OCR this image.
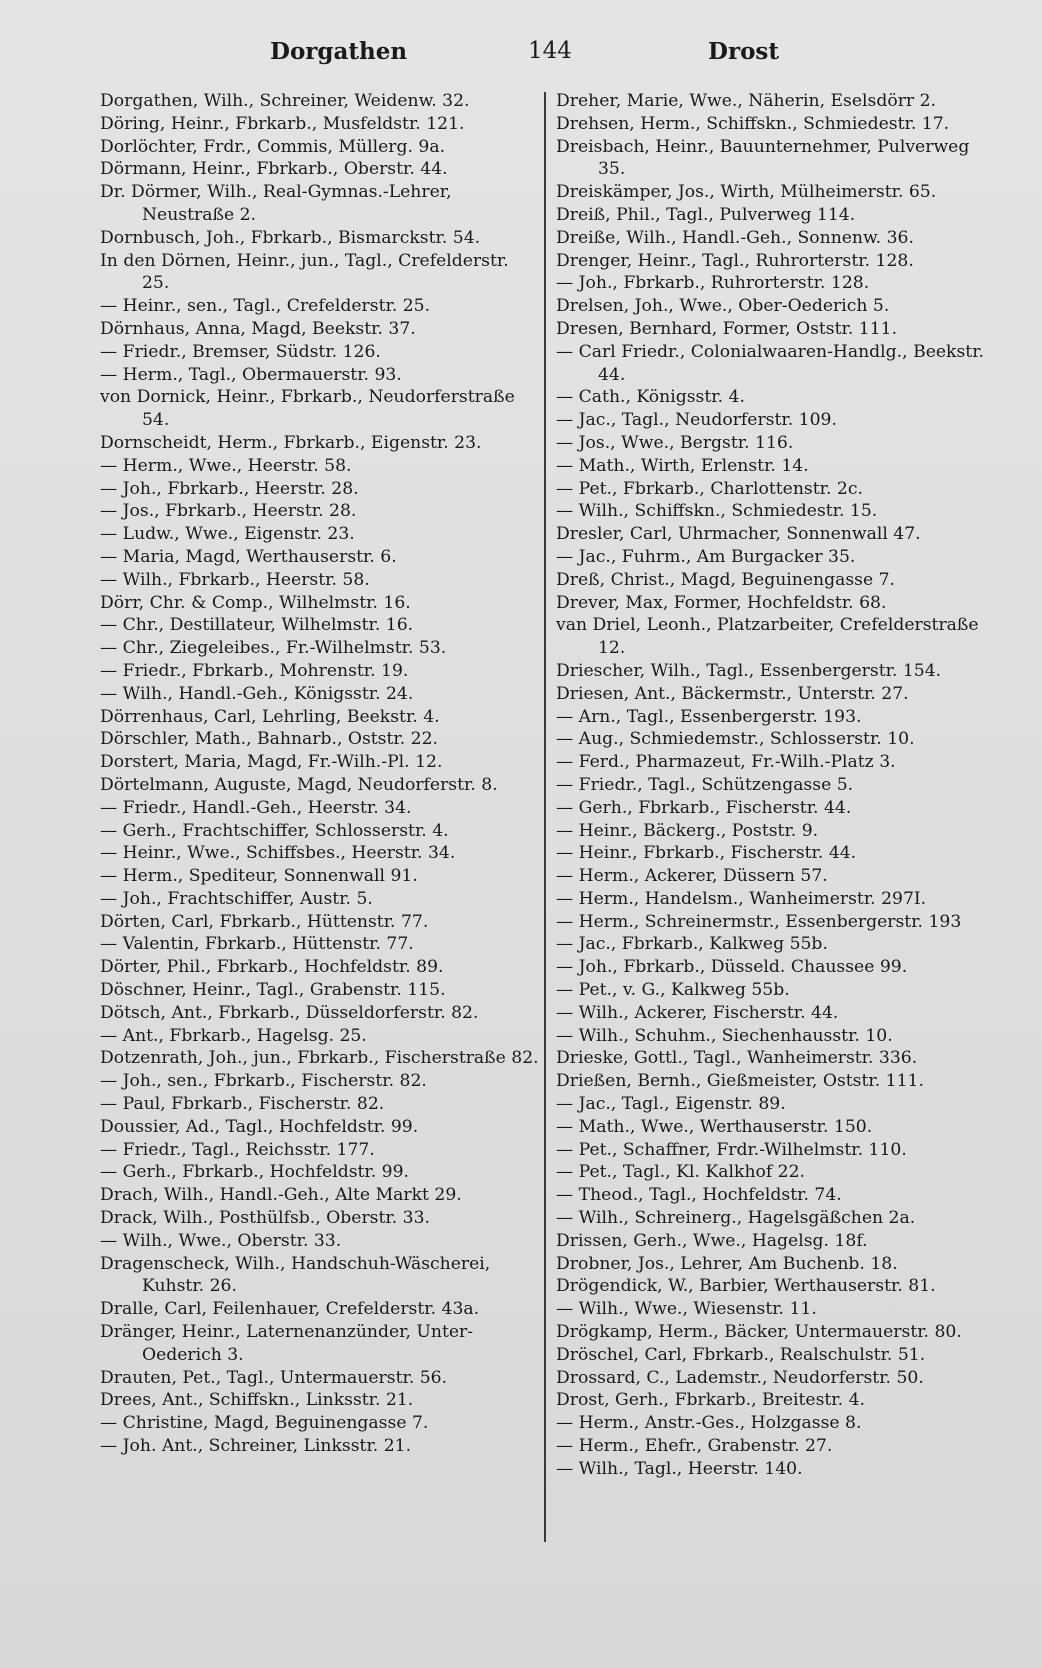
Dorgathen	144	Drost
Dorgathen, Wilh., Schreiner, Weidenw. 32.
Döring, Heinr., Fbrkarb., Musfeldstr. 121.
Dorlöchter, Frdr., Commis, Müllerg. 9a.
Dörmann, Heinr., Fbrkarb., Oberstr. 44.
Dr. Dörmer, Wilh., Real-Gymnas.-Lehrer, Neustraße 2.
Dornbusch, Joh., Fbrkarb., Bismarckstr. 54.
In den Dörnen, Heinr., jun., Tagl., Crefelderstr. 25.
— Heinr., sen., Tagl., Crefelderstr. 25.
Dörnhaus, Anna, Magd, Beekstr. 37.
— Friedr., Bremser, Südstr. 126.
— Herm., Tagl., Obermauerstr. 93.
von Dornick, Heinr., Fbrkarb., Neudorferstraße 54.
Dornscheidt, Herm., Fbrkarb., Eigenstr. 23.
— Herm., Wwe., Heerstr. 58.
— Joh., Fbrkarb., Heerstr. 28.
— Jos., Fbrkarb., Heerstr. 28.
— Ludw., Wwe., Eigenstr. 23.
— Maria, Magd, Werthauserstr. 6.
— Wilh., Fbrkarb., Heerstr. 58.
Dörr, Chr. & Comp., Wilhelmstr. 16.
— Chr., Destillateur, Wilhelmstr. 16.
— Chr., Ziegeleibes., Fr.-Wilhelmstr. 53.
— Friedr., Fbrkarb., Mohrenstr. 19.
— Wilh., Handl.-Geh., Königsstr. 24.
Dörrenhaus, Carl, Lehrling, Beekstr. 4.
Dörschler, Math., Bahnarb., Oststr. 22.
Dorstert, Maria, Magd, Fr.-Wilh.-Pl. 12.
Dörtelmann, Auguste, Magd, Neudorferstr. 8.
— Friedr., Handl.-Geh., Heerstr. 34.
— Gerh., Frachtschiffer, Schlosserstr. 4.
— Heinr., Wwe., Schiffsbes., Heerstr. 34.
— Herm., Spediteur, Sonnenwall 91.
— Joh., Frachtschiffer, Austr. 5.
Dörten, Carl, Fbrkarb., Hüttenstr. 77.
— Valentin, Fbrkarb., Hüttenstr. 77.
Dörter, Phil., Fbrkarb., Hochfeldstr. 89.
Döschner, Heinr., Tagl., Grabenstr. 115.
Dötsch, Ant., Fbrkarb., Düsseldorferstr. 82.
— Ant., Fbrkarb., Hagelsg. 25.
Dotzenrath, Joh., jun., Fbrkarb., Fischerstraße 82.
— Joh., sen., Fbrkarb., Fischerstr. 82.
— Paul, Fbrkarb., Fischerstr. 82.
Doussier, Ad., Tagl., Hochfeldstr. 99.
— Friedr., Tagl., Reichsstr. 177.
— Gerh., Fbrkarb., Hochfeldstr. 99.
Drach, Wilh., Handl.-Geh., Alte Markt 29.
Drack, Wilh., Posthülfsb., Oberstr. 33.
— Wilh., Wwe., Oberstr. 33.
Dragenscheck, Wilh., Handschuh-Wäscherei, Kuhstr. 26.
Dralle, Carl, Feilenhauer, Crefelderstr. 43a.
Dränger, Heinr., Laternenanzünder, Unter-Oederich 3.
Drauten, Pet., Tagl., Untermauerstr. 56.
Drees, Ant., Schiffskn., Linksstr. 21.
— Christine, Magd, Beguinengasse 7.
— Joh. Ant., Schreiner, Linksstr. 21.
Dreher, Marie, Wwe., Näherin, Eselsdörr 2.
Drehsen, Herm., Schiffskn., Schmiedestr. 17.
Dreisbach, Heinr., Bauunternehmer, Pulverweg 35.
Dreiskämper, Jos., Wirth, Mülheimerstr. 65.
Dreiß, Phil., Tagl., Pulverweg 114.
Dreiße, Wilh., Handl.-Geh., Sonnenw. 36.
Drenger, Heinr., Tagl., Ruhrorterstr. 128.
— Joh., Fbrkarb., Ruhrorterstr. 128.
Drelsen, Joh., Wwe., Ober-Oederich 5.
Dresen, Bernhard, Former, Oststr. 111.
— Carl Friedr., Colonialwaaren-Handlg., Beekstr. 44.
— Cath., Königsstr. 4.
— Jac., Tagl., Neudorferstr. 109.
— Jos., Wwe., Bergstr. 116.
— Math., Wirth, Erlenstr. 14.
— Pet., Fbrkarb., Charlottenstr. 2c.
— Wilh., Schiffskn., Schmiedestr. 15.
Dresler, Carl, Uhrmacher, Sonnenwall 47.
— Jac., Fuhrm., Am Burgacker 35.
Dreß, Christ., Magd, Beguinengasse 7.
Drever, Max, Former, Hochfeldstr. 68.
van Driel, Leonh., Platzarbeiter, Crefelderstraße 12.
Driescher, Wilh., Tagl., Essenbergerstr. 154.
Driesen, Ant., Bäckermstr., Unterstr. 27.
— Arn., Tagl., Essenbergerstr. 193.
— Aug., Schmiedemstr., Schlosserstr. 10.
— Ferd., Pharmazeut, Fr.-Wilh.-Platz 3.
— Friedr., Tagl., Schützengasse 5.
— Gerh., Fbrkarb., Fischerstr. 44.
— Heinr., Bäckerg., Poststr. 9.
— Heinr., Fbrkarb., Fischerstr. 44.
— Herm., Ackerer, Düssern 57.
— Herm., Handelsm., Wanheimerstr. 297I.
— Herm., Schreinermstr., Essenbergerstr. 193
— Jac., Fbrkarb., Kalkweg 55b.
— Joh., Fbrkarb., Düsseld. Chaussee 99.
— Pet., v. G., Kalkweg 55b.
— Wilh., Ackerer, Fischerstr. 44.
— Wilh., Schuhm., Siechenhausstr. 10.
Drieske, Gottl., Tagl., Wanheimerstr. 336.
Drießen, Bernh., Gießmeister, Oststr. 111.
— Jac., Tagl., Eigenstr. 89.
— Math., Wwe., Werthauserstr. 150.
— Pet., Schaffner, Frdr.-Wilhelmstr. 110.
— Pet., Tagl., Kl. Kalkhof 22.
— Theod., Tagl., Hochfeldstr. 74.
— Wilh., Schreinerg., Hagelsgäßchen 2a.
Drissen, Gerh., Wwe., Hagelsg. 18f.
Drobner, Jos., Lehrer, Am Buchenb. 18.
Drögendick, W., Barbier, Werthauserstr. 81.
— Wilh., Wwe., Wiesenstr. 11.
Drögkamp, Herm., Bäcker, Untermauerstr. 80.
Dröschel, Carl, Fbrkarb., Realschulstr. 51.
Drossard, C., Lademstr., Neudorferstr. 50.
Drost, Gerh., Fbrkarb., Breitestr. 4.
— Herm., Anstr.-Ges., Holzgasse 8.
— Herm., Ehefr., Grabenstr. 27.
— Wilh., Tagl., Heerstr. 140.
